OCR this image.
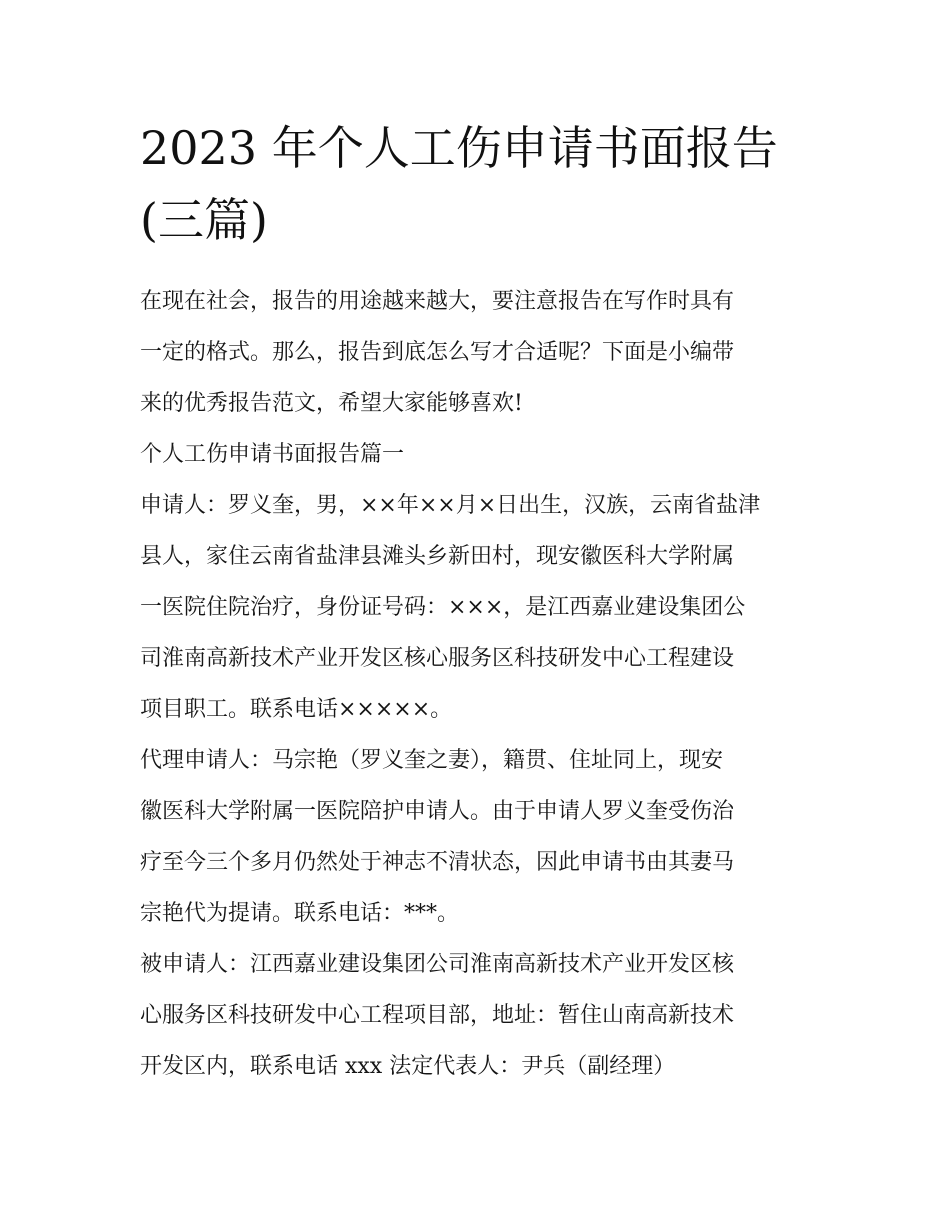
2023 年个人工伤申请书面报告
(三篇)
在现在社会，报告的用途越来越大，要注意报告在写作时具有
一定的格式。那么，报告到底怎么写才合适呢？下面是小编带
来的优秀报告范文，希望大家能够喜欢!
个人工伤申请书面报告篇一
申请人：罗义奎，男，××年××月×日出生，汉族，云南省盐津
县人，家住云南省盐津县滩头乡新田村，现安徽医科大学附属
一医院住院治疗，身份证号码：×××，是江西嘉业建设集团公
司淮南高新技术产业开发区核心服务区科技研发中心工程建设
项目职工。联系电话×××××。
代理申请人：马宗艳（罗义奎之妻），籍贯、住址同上，现安
徽医科大学附属一医院陪护申请人。由于申请人罗义奎受伤治
疗至今三个多月仍然处于神志不清状态，因此申请书由其妻马
宗艳代为提请。联系电话：***。
被申请人：江西嘉业建设集团公司淮南高新技术产业开发区核
心服务区科技研发中心工程项目部，地址：暂住山南高新技术
开发区内，联系电话 xxx 法定代表人：尹兵（副经理）
